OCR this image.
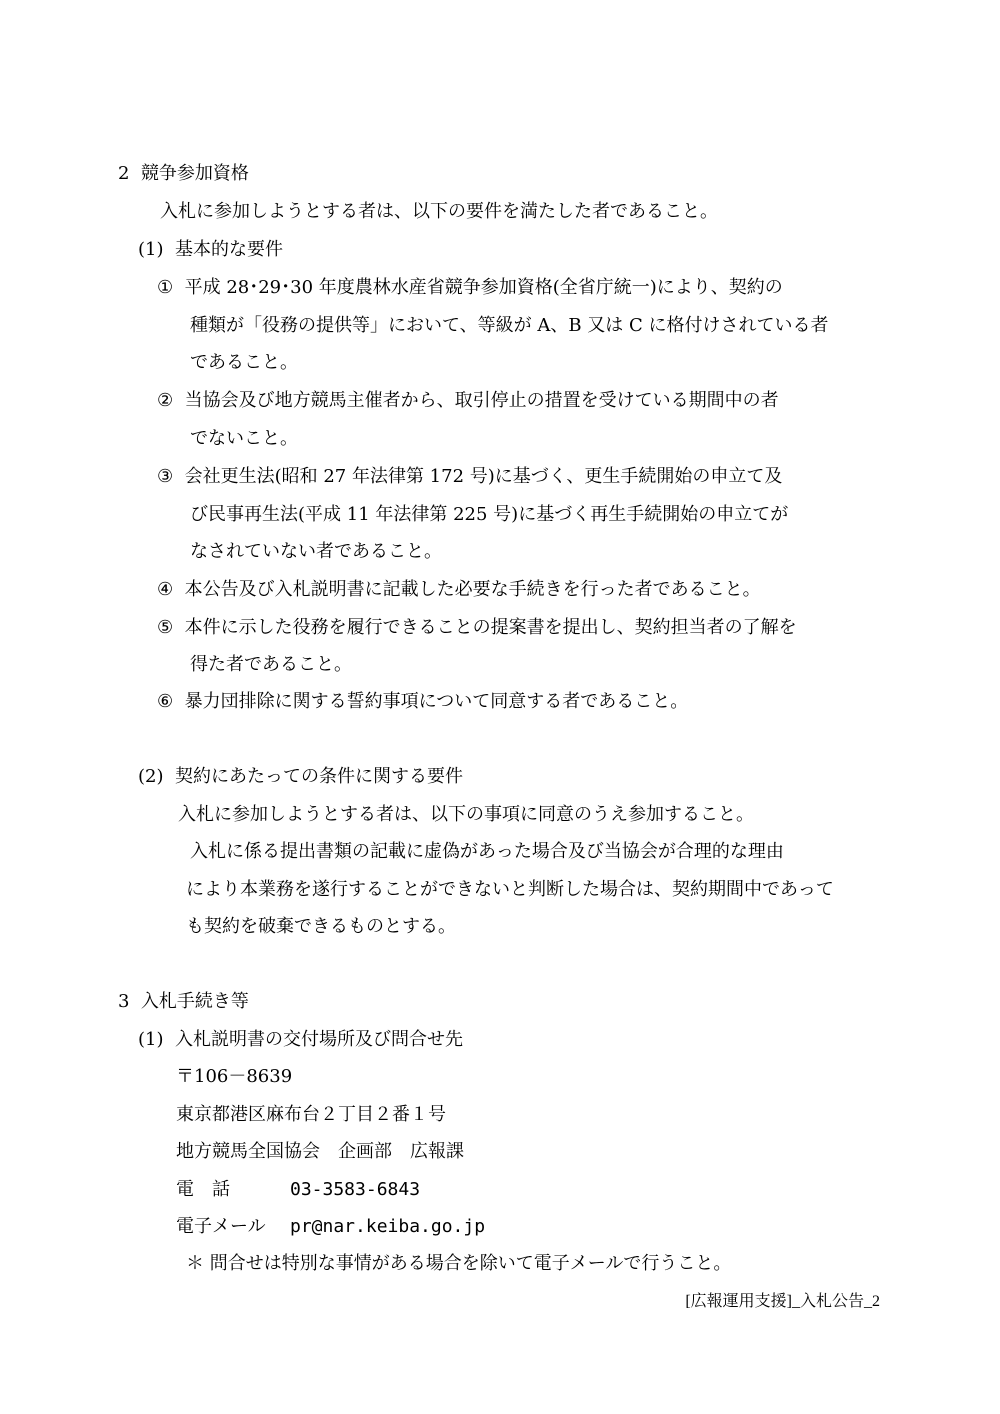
2 競争参加資格
入札に参加しようとする者は、以下の要件を満たした者であること。
(1) 基本的な要件
① 平成 28･29･30 年度農林水産省競争参加資格(全省庁統一)により、契約の
種類が「役務の提供等」において、等級が A、B 又は C に格付けされている者
であること。
② 当協会及び地方競馬主催者から、取引停止の措置を受けている期間中の者
でないこと。
③ 会社更生法(昭和 27 年法律第 172 号)に基づく、更生手続開始の申立て及
び民事再生法(平成 11 年法律第 225 号)に基づく再生手続開始の申立てが
なされていない者であること。
④ 本公告及び入札説明書に記載した必要な手続きを行った者であること。
⑤ 本件に示した役務を履行できることの提案書を提出し、契約担当者の了解を
得た者であること。
⑥ 暴力団排除に関する誓約事項について同意する者であること。
(2) 契約にあたっての条件に関する要件
入札に参加しようとする者は、以下の事項に同意のうえ参加すること。
入札に係る提出書類の記載に虚偽があった場合及び当協会が合理的な理由
により本業務を遂行することができないと判断した場合は、契約期間中であって
も契約を破棄できるものとする。
3 入札手続き等
(1) 入札説明書の交付場所及び問合せ先
〒106－8639
東京都港区麻布台２丁目２番１号
地方競馬全国協会　企画部　広報課
電　話	03-3583-6843
電子メール pr@nar.keiba.go.jp
＊ 問合せは特別な事情がある場合を除いて電子メールで行うこと。
[広報運用支援]_入札公告_2
